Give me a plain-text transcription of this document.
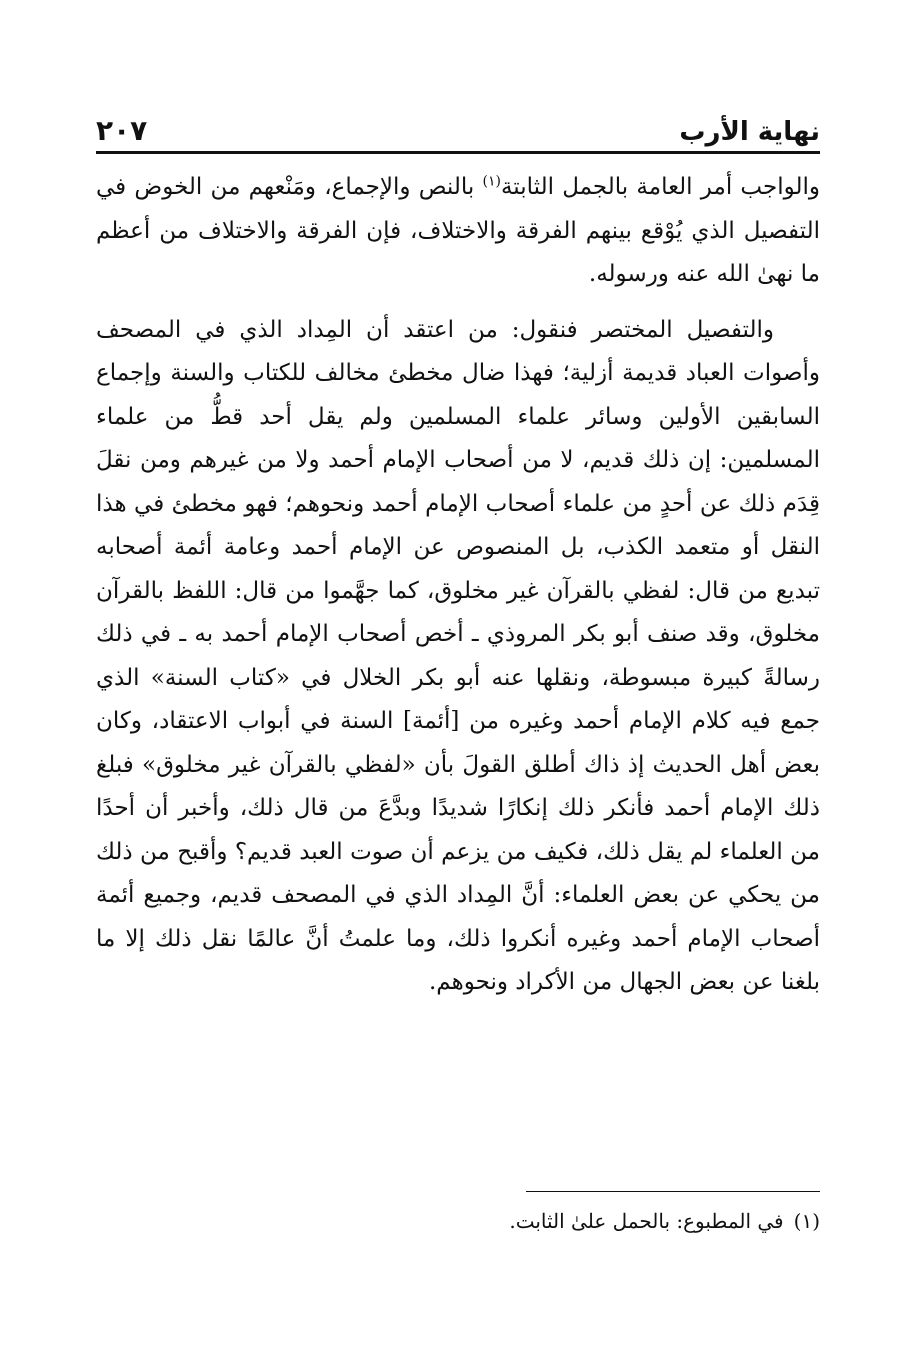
نهاية الأرب
٢٠٧

والواجب أمر العامة بالجمل الثابتة$^{(١)}$ بالنص والإجماع، ومَنْعهم من الخوض في التفصيل الذي يُوْقع بينهم الفرقة والاختلاف، فإن الفرقة والاختلاف من أعظم ما نهىٰ الله عنه ورسوله.

والتفصيل المختصر فنقول: من اعتقد أن المِداد الذي في المصحف وأصوات العباد قديمة أزلية؛ فهذا ضال مخطئ مخالف للكتاب والسنة وإجماع السابقين الأولين وسائر علماء المسلمين ولم يقل أحد قطُّ من علماء المسلمين: إن ذلك قديم، لا من أصحاب الإمام أحمد ولا من غيرهم ومن نقلَ قِدَم ذلك عن أحدٍ من علماء أصحاب الإمام أحمد ونحوهم؛ فهو مخطئ في هذا النقل أو متعمد الكذب، بل المنصوص عن الإمام أحمد وعامة أئمة أصحابه تبديع من قال: لفظي بالقرآن غير مخلوق، كما جهَّموا من قال: اللفظ بالقرآن مخلوق، وقد صنف أبو بكر المروذي ـ أخص أصحاب الإمام أحمد به ـ في ذلك رسالةً كبيرة مبسوطة، ونقلها عنه أبو بكر الخلال في «كتاب السنة» الذي جمع فيه كلام الإمام أحمد وغيره من [أئمة] السنة في أبواب الاعتقاد، وكان بعض أهل الحديث إذ ذاك أطلق القولَ بأن «لفظي بالقرآن غير مخلوق» فبلغ ذلك الإمام أحمد فأنكر ذلك إنكارًا شديدًا وبدَّعَ من قال ذلك، وأخبر أن أحدًا من العلماء لم يقل ذلك، فكيف من يزعم أن صوت العبد قديم؟ وأقبح من ذلك من يحكي عن بعض العلماء: أنَّ المِداد الذي في المصحف قديم، وجميع أئمة أصحاب الإمام أحمد وغيره أنكروا ذلك، وما علمتُ أنَّ عالمًا نقل ذلك إلا ما بلغنا عن بعض الجهال من الأكراد ونحوهم.

(١)في المطبوع: بالحمل علىٰ الثابت.
